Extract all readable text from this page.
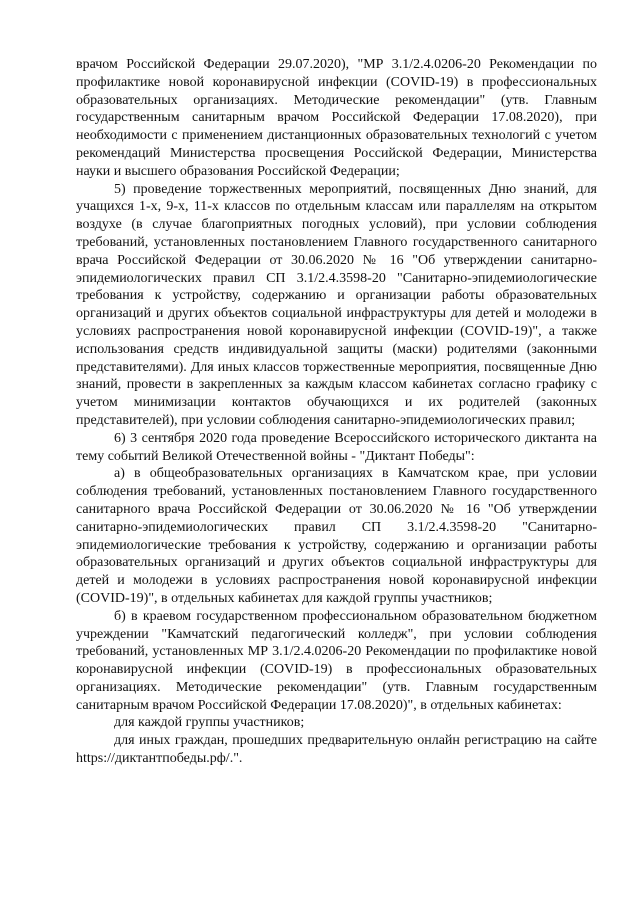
врачом Российской Федерации 29.07.2020), "МР 3.1/2.4.0206-20 Рекомендации по профилактике новой коронавирусной инфекции (COVID-19) в профессиональных образовательных организациях. Методические рекомендации" (утв. Главным государственным санитарным врачом Российской Федерации 17.08.2020), при необходимости с применением дистанционных образовательных технологий с учетом рекомендаций Министерства просвещения Российской Федерации, Министерства науки и высшего образования Российской Федерации;

5) проведение торжественных мероприятий, посвященных Дню знаний, для учащихся 1-х, 9-х, 11-х классов по отдельным классам или параллелям на открытом воздухе (в случае благоприятных погодных условий), при условии соблюдения требований, установленных постановлением Главного государственного санитарного врача Российской Федерации от 30.06.2020 № 16 "Об утверждении санитарно-эпидемиологических правил СП 3.1/2.4.3598-20 "Санитарно-эпидемиологические требования к устройству, содержанию и организации работы образовательных организаций и других объектов социальной инфраструктуры для детей и молодежи в условиях распространения новой коронавирусной инфекции (COVID-19)", а также использования средств индивидуальной защиты (маски) родителями (законными представителями). Для иных классов торжественные мероприятия, посвященные Дню знаний, провести в закрепленных за каждым классом кабинетах согласно графику с учетом минимизации контактов обучающихся и их родителей (законных представителей), при условии соблюдения санитарно-эпидемиологических правил;

6) 3 сентября 2020 года проведение Всероссийского исторического диктанта на тему событий Великой Отечественной войны - "Диктант Победы":

а) в общеобразовательных организациях в Камчатском крае, при условии соблюдения требований, установленных постановлением Главного государственного санитарного врача Российской Федерации от 30.06.2020 № 16 "Об утверждении санитарно-эпидемиологических правил СП 3.1/2.4.3598-20 "Санитарно-эпидемиологические требования к устройству, содержанию и организации работы образовательных организаций и других объектов социальной инфраструктуры для детей и молодежи в условиях распространения новой коронавирусной инфекции (COVID-19)", в отдельных кабинетах для каждой группы участников;

б) в краевом государственном профессиональном образовательном бюджетном учреждении "Камчатский педагогический колледж", при условии соблюдения требований, установленных МР 3.1/2.4.0206-20 Рекомендации по профилактике новой коронавирусной инфекции (COVID-19) в профессиональных образовательных организациях. Методические рекомендации" (утв. Главным государственным санитарным врачом Российской Федерации 17.08.2020)", в отдельных кабинетах:

для каждой группы участников;

для иных граждан, прошедших предварительную онлайн регистрацию на сайте https://диктантпобеды.рф/.".
